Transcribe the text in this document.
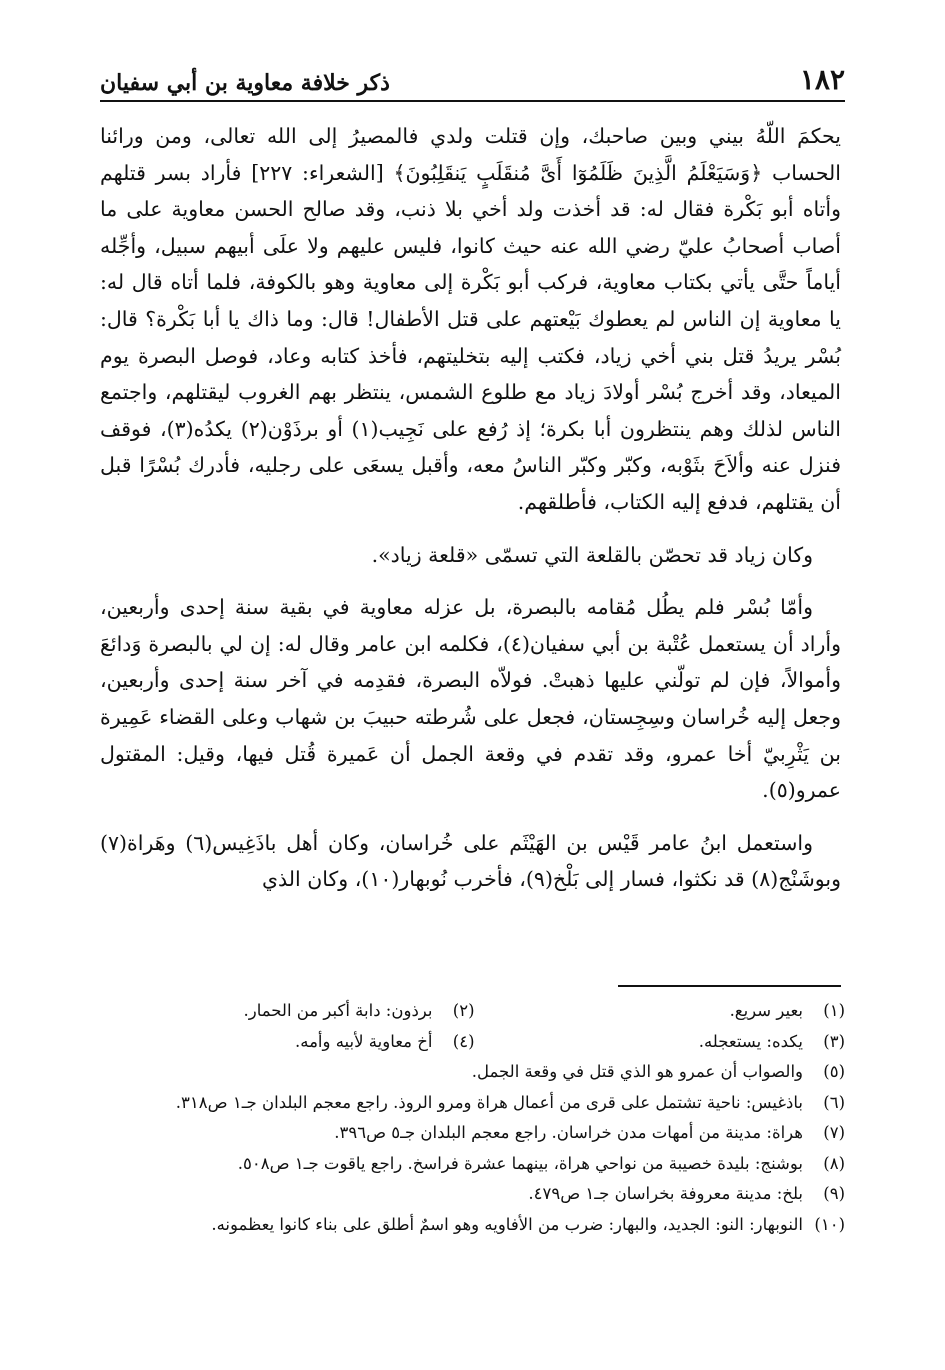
١٨٢
ذكر خلافة معاوية بن أبي سفيان

يحكمَ اللّهُ بيني وبين صاحبك، وإن قتلت ولدي فالمصيرُ إلى الله تعالى، ومن ورائنا الحساب ﴿وَسَيَعْلَمُ الَّذِينَ ظَلَمُوٓا أَىَّ مُنقَلَبٍ يَنقَلِبُونَ﴾ [الشعراء: ٢٢٧] فأراد بسر قتلهم وأتاه أبو بَكْرة فقال له: قد أخذت ولد أخي بلا ذنب، وقد صالح الحسن معاوية على ما أصاب أصحابُ عليّ رضي الله عنه حيث كانوا، فليس عليهم ولا علَى أبيهم سبيل، وأجِّله أياماً حتَّى يأتي بكتاب معاوية، فركب أبو بَكْرة إلى معاوية وهو بالكوفة، فلما أتاه قال له: يا معاوية إن الناس لم يعطوك بَيْعتهم على قتل الأطفال! قال: وما ذاك يا أبا بَكْرة؟ قال: بُسْر يريدُ قتل بني أخي زياد، فكتب إليه بتخليتهم، فأخذ كتابه وعاد، فوصل البصرة يوم الميعاد، وقد أخرج بُسْر أولادَ زياد مع طلوع الشمس، ينتظر بهم الغروب ليقتلهم، واجتمع الناس لذلك وهم ينتظرون أبا بكرة؛ إذ رُفع على نَجِيب(١) أو برذَوْن(٢) يكدُه(٣)، فوقف فنزل عنه وألاَحَ بثَوْبه، وكبّر وكبّر الناسُ معه، وأقبل يسعَى على رجليه، فأدرك بُسْرًا قبل أن يقتلهم، فدفع إليه الكتاب، فأطلقهم.

وكان زياد قد تحصّن بالقلعة التي تسمّى «قلعة زياد».

وأمّا بُسْر فلم يطُل مُقامه بالبصرة، بل عزله معاوية في بقية سنة إحدى وأربعين، وأراد أن يستعمل عُتْبة بن أبي سفيان(٤)، فكلمه ابن عامر وقال له: إن لي بالبصرة وَدائعَ وأموالاً، فإن لم تولّني عليها ذهبتْ. فولاّه البصرة، فقدِمه في آخر سنة إحدى وأربعين، وجعل إليه خُراسان وسِجِستان، فجعل على شُرطته حبيبَ بن شهاب وعلى القضاء عَمِيرة بن يَثْرِبيّ أخا عمرو، وقد تقدم في وقعة الجمل أن عَميرة قُتل فيها، وقيل: المقتول عمرو(٥).

واستعمل ابنُ عامر قَيْس بن الهَيْثَم على خُراسان، وكان أهل باذَغِيس(٦) وهَراة(٧) وبوشَنْج(٨) قد نكثوا، فسار إلى بَلْخ(٩)، فأخرب نُوبهار(١٠)، وكان الذي

(١)
بعير سريع.
(٢)
برذون: دابة أكبر من الحمار.
(٣)
يكده: يستعجله.
(٤)
أخ معاوية لأبيه وأمه.
(٥)
والصواب أن عمرو هو الذي قتل في وقعة الجمل.
(٦)
باذغيس: ناحية تشتمل على قرى من أعمال هراة ومرو الروذ. راجع معجم البلدان جـ١ ص٣١٨.
(٧)
هراة: مدينة من أمهات مدن خراسان. راجع معجم البلدان جـ٥ ص٣٩٦.
(٨)
بوشنج: بليدة خصيبة من نواحي هراة، بينهما عشرة فراسخ. راجع ياقوت جـ١ ص٥٠٨.
(٩)
بلخ: مدينة معروفة بخراسان جـ١ ص٤٧٩.
(١٠)
النوبهار: النو: الجديد، والبهار: ضرب من الأفاويه وهو اسمٌ أطلق على بناء كانوا يعظمونه.
